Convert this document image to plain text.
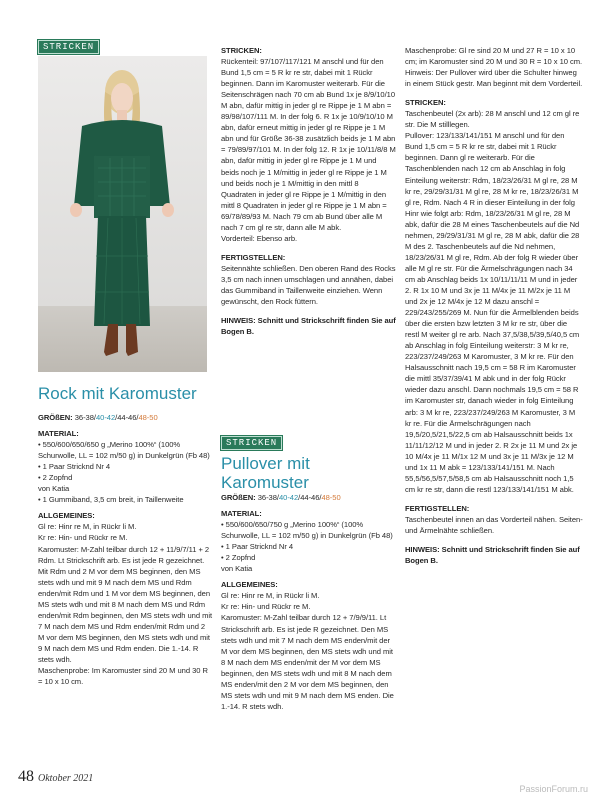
STRICKEN
Rock mit Karomuster

GRÖßEN: 36-38/40-42/44-46/48-50

MATERIAL:

• 550/600/650/650 g „Merino 100%“ (100% Schurwolle, LL = 102 m/50 g) in Dunkelgrün (Fb 48)

• 1 Paar Stricknd Nr 4

• 2 Zopfnd

von Katia

• 1 Gummiband, 3,5 cm breit, in Taillenweite

ALLGEMEINES:

Gl re: Hinr re M, in Rückr li M.

Kr re: Hin- und Rückr re M.

Karomuster: M-Zahl teilbar durch 12 + 11/9/7/11 + 2 Rdm. Lt Strickschrift arb. Es ist jede R gezeichnet. Mit Rdm und 2 M vor dem MS beginnen, den MS stets wdh und mit 9 M nach dem MS und Rdm enden/mit Rdm und 1 M vor dem MS beginnen, den MS stets wdh und mit 8 M nach dem MS und Rdm enden/mit Rdm beginnen, den MS stets wdh und mit 7 M nach dem MS und Rdm enden/mit Rdm und 2 M vor dem MS beginnen, den MS stets wdh und mit 9 M nach dem MS und Rdm enden. Die 1.-14. R stets wdh.

Maschenprobe: Im Karomuster sind 20 M und 30 R = 10 x 10 cm.

STRICKEN:

Rückenteil: 97/107/117/121 M anschl und für den Bund 1,5 cm = 5 R kr re str, dabei mit 1 Rückr beginnen. Dann im Karomuster weiterarb. Für die Seitenschrägen nach 70 cm ab Bund 1x je 8/9/10/10 M abn, dafür mittig in jeder gl re Rippe je 1 M abn = 89/98/107/111 M. In der folg 6. R 1x je 10/9/10/10 M abn, dafür erneut mittig in jeder gl re Rippe je 1 M abn und für Größe 36-38 zusätzlich beids je 1 M abn = 79/89/97/101 M. In der folg 12. R 1x je 10/11/8/8 M abn, dafür mittig in jeder gl re Rippe je 1 M und beids noch je 1 M/mittig in jeder gl re Rippe je 1 M und beids noch je 1 M/mittig in den mittl 8 Quadraten in jeder gl re Rippe je 1 M/mittig in den mittl 8 Quadraten in jeder gl re Rippe je 1 M abn = 69/78/89/93 M. Nach 79 cm ab Bund über alle M nach 7 cm gl re str, dann alle M abk.

Vorderteil: Ebenso arb.

FERTIGSTELLEN:

Seitennähte schließen. Den oberen Rand des Rocks 3,5 cm nach innen umschlagen und annähen, dabei das Gummiband in Taillenweite einziehen. Wenn gewünscht, den Rock füttern.

HINWEIS: Schnitt und Strickschrift finden Sie auf Bogen B.

STRICKEN
Pullover mit Karomuster

GRÖßEN: 36-38/40-42/44-46/48-50

MATERIAL:

• 550/600/650/750 g „Merino 100%“ (100% Schurwolle, LL = 102 m/50 g) in Dunkelgrün (Fb 48)

• 1 Paar Stricknd Nr 4

• 2 Zopfnd

von Katia

ALLGEMEINES:

Gl re: Hinr re M, in Rückr li M.

Kr re: Hin- und Rückr re M.

Karomuster: M-Zahl teilbar durch 12 + 7/9/9/11. Lt Strickschrift arb. Es ist jede R gezeichnet. Den MS stets wdh und mit 7 M nach dem MS enden/mit der M vor dem MS beginnen, den MS stets wdh und mit 8 M nach dem MS enden/mit der M vor dem MS beginnen, den MS stets wdh und mit 8 M nach dem MS enden/mit den 2 M vor dem MS beginnen, den MS stets wdh und mit 9 M nach dem MS enden. Die 1.-14. R stets wdh.

Maschenprobe: Gl re sind 20 M und 27 R = 10 x 10 cm; im Karomuster sind 20 M und 30 R = 10 x 10 cm.

Hinweis: Der Pullover wird über die Schulter hinweg in einem Stück gestr. Man beginnt mit dem Vorderteil.

STRICKEN:

Taschenbeutel (2x arb): 28 M anschl und 12 cm gl re str. Die M stilllegen.

Pullover: 123/133/141/151 M anschl und für den Bund 1,5 cm = 5 R kr re str, dabei mit 1 Rückr beginnen. Dann gl re weiterarb. Für die Taschenblenden nach 12 cm ab Anschlag in folg Einteilung weiterstr: Rdm, 18/23/26/31 M gl re, 28 M kr re, 29/29/31/31 M gl re, 28 M kr re, 18/23/26/31 M gl re, Rdm. Nach 4 R in dieser Einteilung in der folg Hinr wie folgt arb: Rdm, 18/23/26/31 M gl re, 28 M abk, dafür die 28 M eines Taschenbeutels auf die Nd nehmen, 29/29/31/31 M gl re, 28 M abk, dafür die 28 M des 2. Taschenbeutels auf die Nd nehmen, 18/23/26/31 M gl re, Rdm. Ab der folg R wieder über alle M gl re str. Für die Ärmelschrägungen nach 34 cm ab Anschlag beids 1x 10/11/11/11 M und in jeder 2. R 1x 10 M und 3x je 11 M/4x je 11 M/2x je 11 M und 2x je 12 M/4x je 12 M dazu anschl = 229/243/255/269 M. Nun für die Ärmelblenden beids über die ersten bzw letzten 3 M kr re str, über die restl M weiter gl re arb. Nach 37,5/38,5/39,5/40,5 cm ab Anschlag in folg Einteilung weiterstr: 3 M kr re, 223/237/249/263 M Karomuster, 3 M kr re. Für den Halsausschnitt nach 19,5 cm = 58 R im Karomuster die mittl 35/37/39/41 M abk und in der folg Rückr wieder dazu anschl. Dann nochmals 19,5 cm = 58 R im Karomuster str, danach wieder in folg Einteilung arb: 3 M kr re, 223/237/249/263 M Karomuster, 3 M kr re. Für die Ärmelschrägungen nach 19,5/20,5/21,5/22,5 cm ab Halsausschnitt beids 1x 11/11/12/12 M und in jeder 2. R 2x je 11 M und 2x je 10 M/4x je 11 M/1x 12 M und 3x je 11 M/3x je 12 M und 1x 11 M abk = 123/133/141/151 M. Nach 55,5/56,5/57,5/58,5 cm ab Halsausschnitt noch 1,5 cm kr re str, dann die restl 123/133/141/151 M abk.

FERTIGSTELLEN:

Taschenbeutel innen an das Vorderteil nähen. Seiten- und Ärmelnähte schließen.

HINWEIS: Schnitt und Strickschrift finden Sie auf Bogen B.

48 Oktober 2021
PassionForum.ru
